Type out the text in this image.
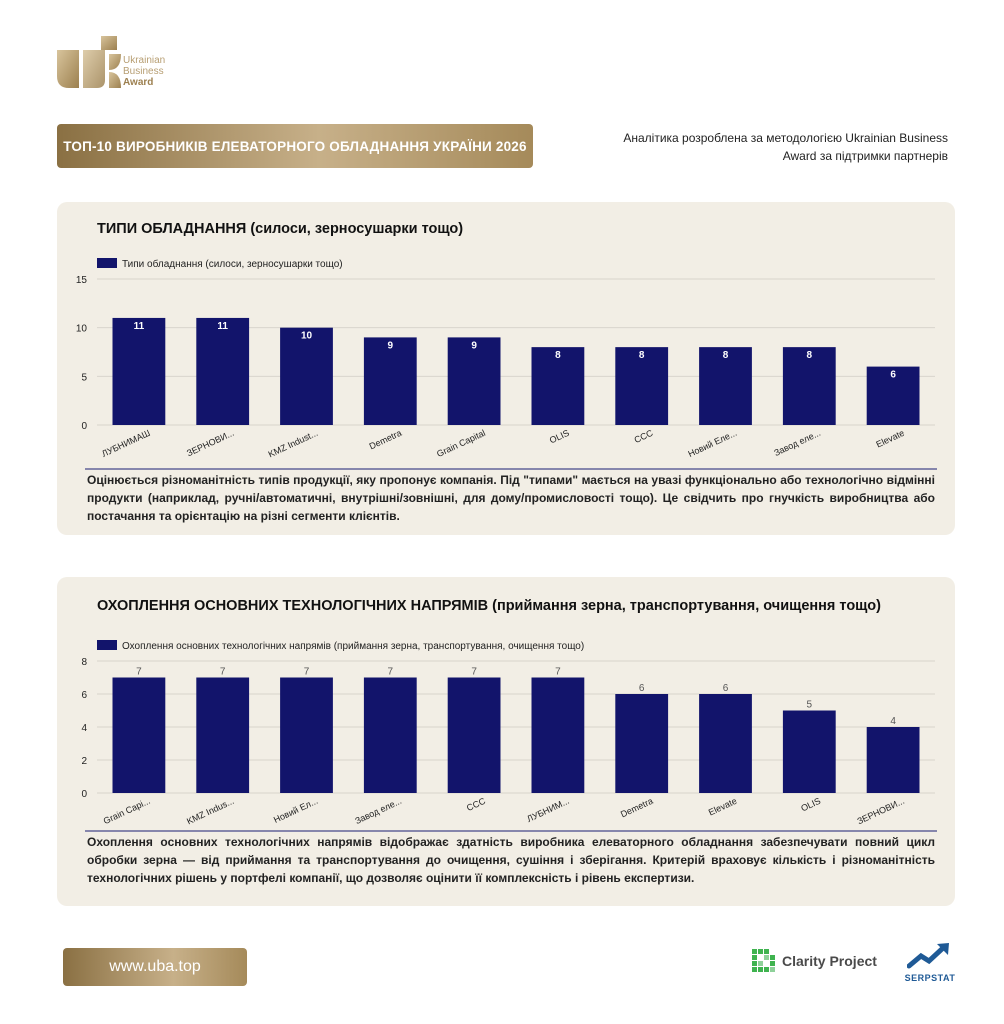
Ukrainian
Business
Award
ТОП-10 ВИРОБНИКІВ ЕЛЕВАТОРНОГО ОБЛАДНАННЯ УКРАЇНИ 2026
Аналітика розроблена за методологією Ukrainian Business Award за підтримки партнерів
ТИПИ ОБЛАДНАННЯ (силоси, зерносушарки тощо)
Типи обладнання (силоси, зерносушарки тощо)
0
5
10
15
11
ЛУБНИМАШ
11
ЗЕРНОВИ...
10
KMZ Indust...
9
Demetra
9
Grain Capital
8
OLIS
8
CCC
8
Новий Еле...
8
Завод еле...
6
Elevate
Оцінюється різноманітність типів продукції, яку пропонує компанія. Під "типами" мається на увазі функціонально або технологічно відмінні продукти (наприклад, ручні/автоматичні, внутрішні/зовнішні, для дому/промисловості тощо). Це свідчить про гнучкість виробництва або постачання та орієнтацію на різні сегменти клієнтів.
ОХОПЛЕННЯ ОСНОВНИХ ТЕХНОЛОГІЧНИХ НАПРЯМІВ (приймання зерна, транспортування, очищення тощо)
Охоплення основних технологічних напрямів (приймання зерна, транспортування, очищення тощо)
0
2
4
6
8
7
Grain Capi...
7
KMZ Indus...
7
Новий Ел...
7
Завод еле...
7
CCC
7
ЛУБНИМ...
6
Demetra
6
Elevate
5
OLIS
4
ЗЕРНОВИ...
Охоплення основних технологічних напрямів відображає здатність виробника елеваторного обладнання забезпечувати повний цикл обробки зерна — від приймання та транспортування до очищення, сушіння і зберігання. Критерій враховує кількість і різноманітність технологічних рішень у портфелі компанії, що дозволяє оцінити її комплексність і рівень експертизи.
www.uba.top	Clarity Project
SERPSTAT
